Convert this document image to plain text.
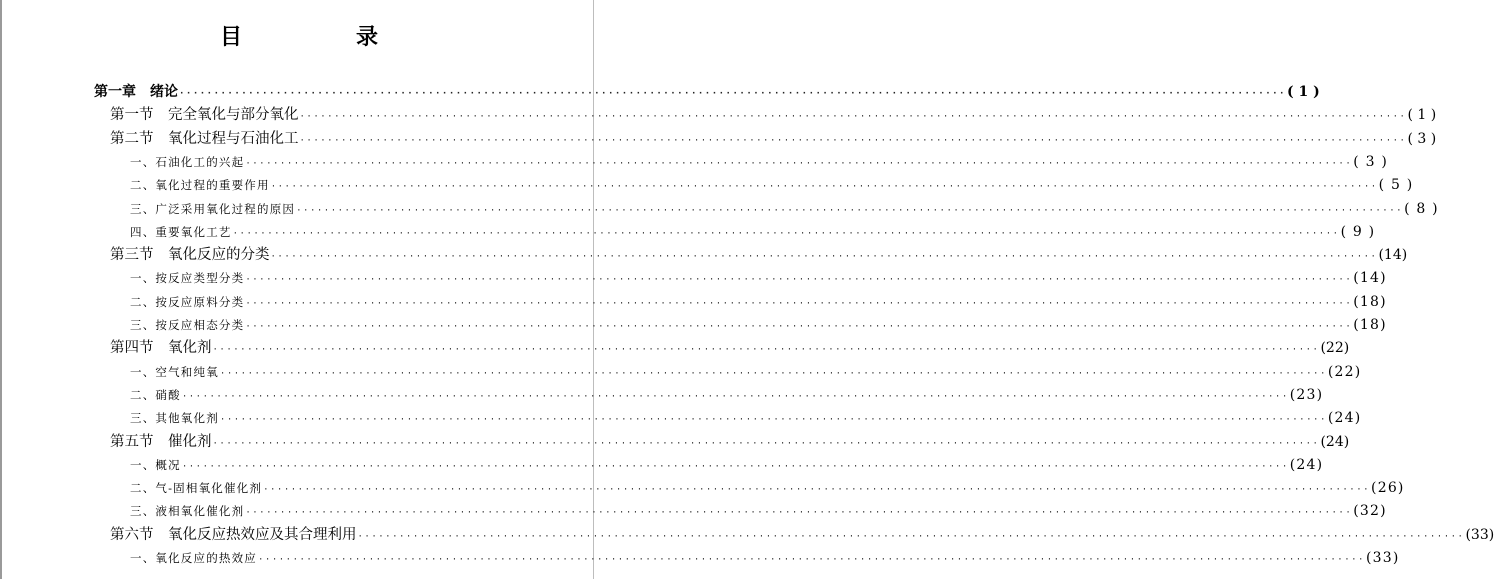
目　录
第一章　绪论 ································································································································································ ( 1 )
第一节　完全氧化与部分氧化 ································································································································································ ( 1 )
第二节　氧化过程与石油化工 ································································································································································ ( 3 )
一、石油化工的兴起 ································································································································································ ( 3 )
二、氧化过程的重要作用 ································································································································································ ( 5 )
三、广泛采用氧化过程的原因 ································································································································································ ( 8 )
四、重要氧化工艺 ································································································································································ ( 9 )
第三节　氧化反应的分类 ································································································································································ (14)
一、按反应类型分类 ································································································································································ (14)
二、按反应原料分类 ································································································································································ (18)
三、按反应相态分类 ································································································································································ (18)
第四节　氧化剂 ································································································································································ (22)
一、空气和纯氧 ································································································································································ (22)
二、硝酸 ································································································································································ (23)
三、其他氧化剂 ································································································································································ (24)
第五节　催化剂 ································································································································································ (24)
一、概况 ································································································································································ (24)
二、气-固相氧化催化剂 ································································································································································ (26)
三、液相氧化催化剂 ································································································································································ (32)
第六节　氧化反应热效应及其合理利用 ································································································································································ (33)
一、氧化反应的热效应 ································································································································································ (33)
